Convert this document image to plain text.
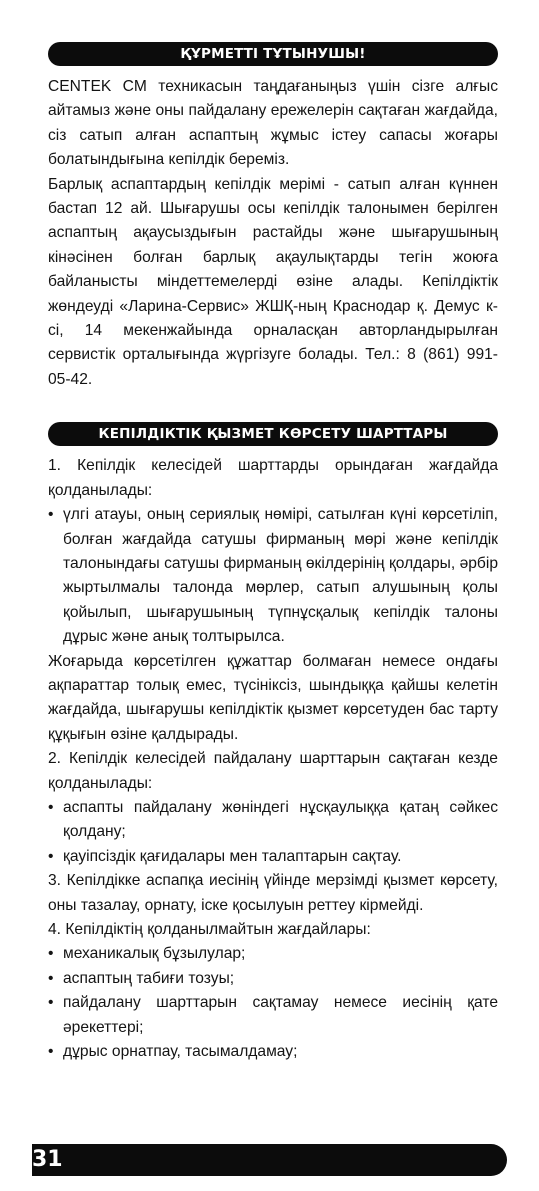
ҚҰРМЕТТІ ТҰТЫНУШЫ!

CENTEK CM техникасын таңдағаныңыз үшін сізге алғыс айтамыз және оны пайдалану ережелерін сақтаған жағдайда, сіз сатып алған аспаптың жұмыс істеу сапасы жоғары болатындығына кепілдік береміз.

Барлық аспаптардың кепілдік мерімі - сатып алған күннен бастап 12 ай. Шығарушы осы кепілдік талонымен берілген аспаптың ақаусыздығын растайды және шығарушының кінәсінен болған барлық ақаулықтарды тегін жоюға байланысты міндеттемелерді өзіне алады. Кепілдіктік жөндеуді «Ларина-Сервис» ЖШҚ-ның Краснодар қ. Демус к-сі, 14 мекенжайында орналасқан авторландырылған сервистік орталығында жүргізуге болады. Тел.: 8 (861) 991-05-42.

КЕПІЛДІКТІК ҚЫЗМЕТ КӨРСЕТУ ШАРТТАРЫ

1. Кепілдік келесідей шарттарды орындаған жағдайда қолданылады:

• үлгі атауы, оның сериялық нөмірі, сатылған күні көрсетіліп, болған жағдайда сатушы фирманың мөрі және кепілдік талонындағы сатушы фирманың өкілдерінің қолдары, әрбір жыртылмалы талонда мөрлер, сатып алушының қолы қойылып, шығарушының түпнұсқалық кепілдік талоны дұрыс және анық толтырылса.

Жоғарыда көрсетілген құжаттар болмаған немесе ондағы ақпараттар толық емес, түсініксіз, шындыққа қайшы келетін жағдайда, шығарушы кепілдіктік қызмет көрсетуден бас тарту құқығын өзіне қалдырады.

2. Кепілдік келесідей пайдалану шарттарын сақтаған кезде қолданылады:

• аспапты пайдалану жөніндегі нұсқаулыққа қатаң сәйкес қолдану;

• қауіпсіздік қағидалары мен талаптарын сақтау.

3. Кепілдікке аспапқа иесінің үйінде мерзімді қызмет көрсету, оны тазалау, орнату, іске қосылуын реттеу кірмейді.

4. Кепілдіктің қолданылмайтын жағдайлары:

• механикалық бұзылулар;

• аспаптың табиғи тозуы;

• пайдалану шарттарын сақтамау немесе иесінің қате әрекеттері;

• дұрыс орнатпау, тасымалдамау;

31
